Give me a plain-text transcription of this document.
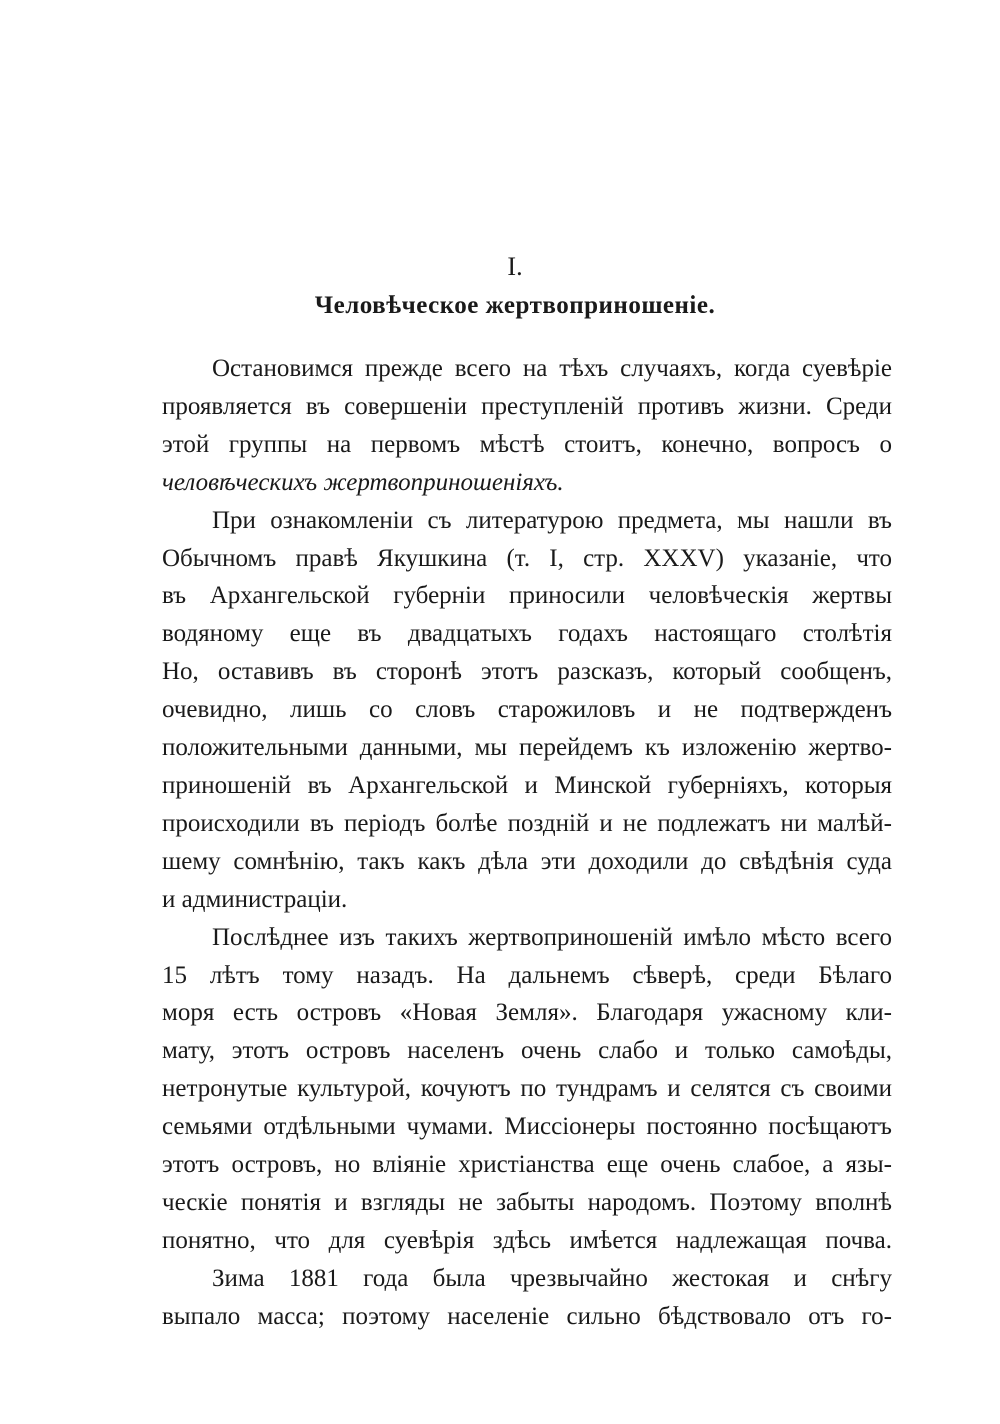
I.
Человѣческое жертвоприношеніе.
Остановимся прежде всего на тѣхъ случаяхъ, когда суевѣріе
проявляется въ совершеніи преступленій противъ жизни. Среди
этой группы на первомъ мѣстѣ стоитъ, конечно, вопросъ о
человѣческихъ жертвоприношеніяхъ.
При ознакомленіи съ литературою предмета, мы нашли въ
Обычномъ правѣ Якушкина (т. I, стр. XXXV) указаніе, что
въ Архангельской губерніи приносили человѣческія жертвы
водяному еще въ двадцатыхъ годахъ настоящаго столѣтія
Но, оставивъ въ сторонѣ этотъ разсказъ, который сообщенъ,
очевидно, лишь со словъ старожиловъ и не подтвержденъ
положительными данными, мы перейдемъ къ изложенію жертво-
приношеній въ Архангельской и Минской губерніяхъ, которыя
происходили въ періодъ болѣе поздній и не подлежатъ ни малѣй-
шему сомнѣнію, такъ какъ дѣла эти доходили до свѣдѣнія суда
и администраціи.
Послѣднее изъ такихъ жертвоприношеній имѣло мѣсто всего
15 лѣтъ тому назадъ. На дальнемъ сѣверѣ, среди Бѣлаго
моря есть островъ «Новая Земля». Благодаря ужасному кли-
мату, этотъ островъ населенъ очень слабо и только самоѣды,
нетронутые культурой, кочуютъ по тундрамъ и селятся съ своими
семьями отдѣльными чумами. Миссіонеры постоянно посѣщаютъ
этотъ островъ, но вліяніе христіанства еще очень слабое, а язы-
ческіе понятія и взгляды не забыты народомъ. Поэтому вполнѣ
понятно, что для суевѣрія здѣсь имѣется надлежащая почва.
Зима 1881 года была чрезвычайно жестокая и снѣгу
выпало масса; поэтому населеніе сильно бѣдствовало отъ го-
